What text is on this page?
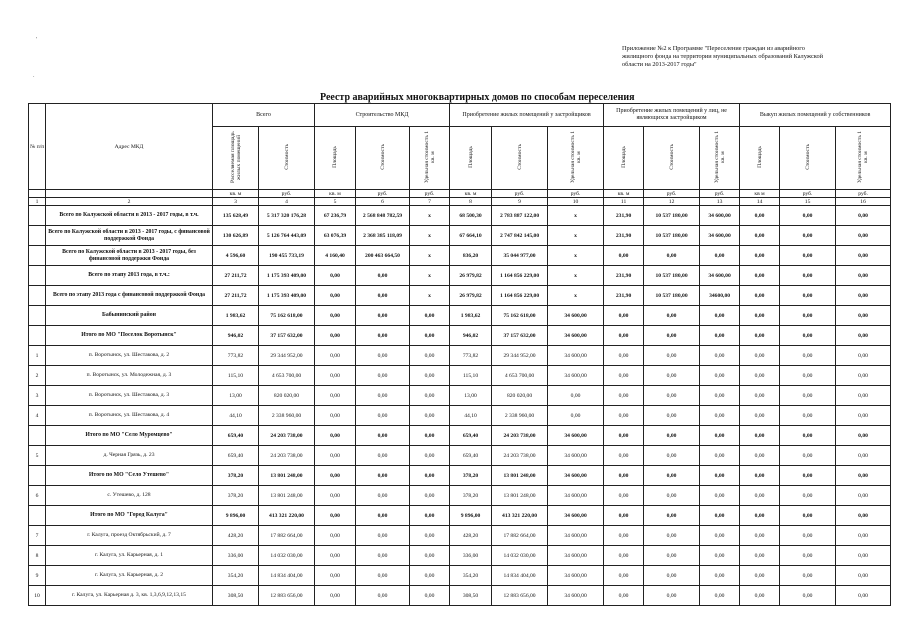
Приложение №2 к Программе "Переселение граждан из аварийного
жилищного фонда на территории муниципальных образований Калужской
области на 2013-2017 годы"
'
.
Реестр аварийных многоквартирных домов по способам переселения
№ п/п	Адрес МКД	Всего		Строительство МКД			Приобретение жилых помещений у застройщиков			Приобретение жилых помещений у лиц, не являющихся застройщиком			Выкуп жилых помещений у собственников		
		Расселяемая площадь жилых помещений	Стоимость	Площадь	Стоимость	Удельная стоимость 1 кв. м	Площадь	Стоимость	Удельная стоимость 1 кв. м	Площадь	Стоимость	Удельная стоимость 1 кв. м	Площадь	Стоимость	Удельная стоимость 1 кв. м
		кв. м	руб.	кв. м	руб.	руб.	кв. м	руб.	руб.	кв. м	руб.	руб.	кв м	руб.	руб.
1	2	3	4	5	6	7	8	9	10	11	12	13	14	15	16
	Всего по Калужской области в 2013 - 2017 годы, в т.ч.	135 628,49	5 317 320 176,28	67 236,79	2 568 848 782,59	х	68 500,30	2 783 887 122,00	х	231,90	10 537 180,00	34 600,00	0,00	0,00	0,00
	Всего по Калужской области в 2013 - 2017 годы, с финансовой поддержкой Фонда	130 626,89	5 126 764 443,09	63 076,39	2 368 385 118,09	х	67 664,10	2 747 842 145,00	х	231,90	10 537 180,00	34 600,00	0,00	0,00	0,00
	Всего по Калужской области в 2013 - 2017 годы, без финансовой поддержки Фонда	4 596,60	190 455 733,19	4 160,40	200 463 664,50	х	836,20	35 044 977,00	х	0,00	0,00	0,00	0,00	0,00	0,00
	Всего по этапу 2013 года, в т.ч.:	27 211,72	1 175 393 409,00	0,00	0,00	х	26 979,82	1 164 856 229,00	х	231,90	10 537 180,00	34 600,00	0,00	0,00	0,00
	Всего по этапу 2013 года с финансовой поддержкой Фонда	27 211,72	1 175 393 409,00	0,00	0,00	х	26 979,82	1 164 856 229,00	х	231,90	10 537 180,00	34600,00	0,00	0,00	0,00
	Бабынинский район	1 983,62	75 162 618,00	0,00	0,00	0,00	1 983,62	75 162 618,00	34 600,00	0,00	0,00	0,00	0,00	0,00	0,00
	Итого по МО "Поселок Воротынск"	946,02	37 157 632,00	0,00	0,00	0,00	946,02	37 157 632,00	34 600,00	0,00	0,00	0,00	0,00	0,00	0,00
1	п. Воротынск, ул. Шестакова, д. 2	773,82	29 344 952,00	0,00	0,00	0,00	773,82	29 344 952,00	34 600,00	0,00	0,00	0,00	0,00	0,00	0,00
2	п. Воротынск, ул. Молодежная, д. 3	115,10	4 653 700,00	0,00	0,00	0,00	115,10	4 653 700,00	34 600,00	0,00	0,00	0,00	0,00	0,00	0,00
3	п. Воротынск, ул. Шестакова, д. 3	13,00	820 020,00	0,00	0,00	0,00	13,00	820 020,00	0,00	0,00	0,00	0,00	0,00	0,00	0,00
4	п. Воротынск, ул. Шестакова, д. 4	44,10	2 338 960,00	0,00	0,00	0,00	44,10	2 338 960,00	0,00	0,00	0,00	0,00	0,00	0,00	0,00
	Итого по МО "Село Муромцево"	659,40	24 203 738,00	0,00	0,00	0,00	659,40	24 203 738,00	34 600,00	0,00	0,00	0,00	0,00	0,00	0,00
5	д. Черная Грязь, д. 23	659,40	24 203 738,00	0,00	0,00	0,00	659,40	24 203 738,00	34 600,00	0,00	0,00	0,00	0,00	0,00	0,00
	Итого по МО "Село Утешево"	378,20	13 801 248,00	0,00	0,00	0,00	378,20	13 801 248,00	34 600,00	0,00	0,00	0,00	0,00	0,00	0,00
6	с. Утешево, д. 128	378,20	13 801 248,00	0,00	0,00	0,00	378,20	13 801 248,00	34 600,00	0,00	0,00	0,00	0,00	0,00	0,00
	Итого по МО "Город Калуга"	9 896,00	413 321 220,00	0,00	0,00	0,00	9 896,00	413 321 220,00	34 600,00	0,00	0,00	0,00	0,00	0,00	0,00
7	г. Калуга, проезд Октябрьский, д. 7	428,20	17 882 664,00	0,00	0,00	0,00	428,20	17 882 664,00	34 600,00	0,00	0,00	0,00	0,00	0,00	0,00
8	г. Калуга, ул. Карьерная, д. 1	336,00	14 032 030,00	0,00	0,00	0,00	336,00	14 032 030,00	34 600,00	0,00	0,00	0,00	0,00	0,00	0,00
9	г. Калуга, ул. Карьерная, д. 2	354,20	14 834 404,00	0,00	0,00	0,00	354,20	14 834 404,00	34 600,00	0,00	0,00	0,00	0,00	0,00	0,00
10	г. Калуга, ул. Карьерная д. 3, кв. 1,3,6,9,12,13,15	308,50	12 883 656,00	0,00	0,00	0,00	308,50	12 883 656,00	34 600,00	0,00	0,00	0,00	0,00	0,00	0,00
